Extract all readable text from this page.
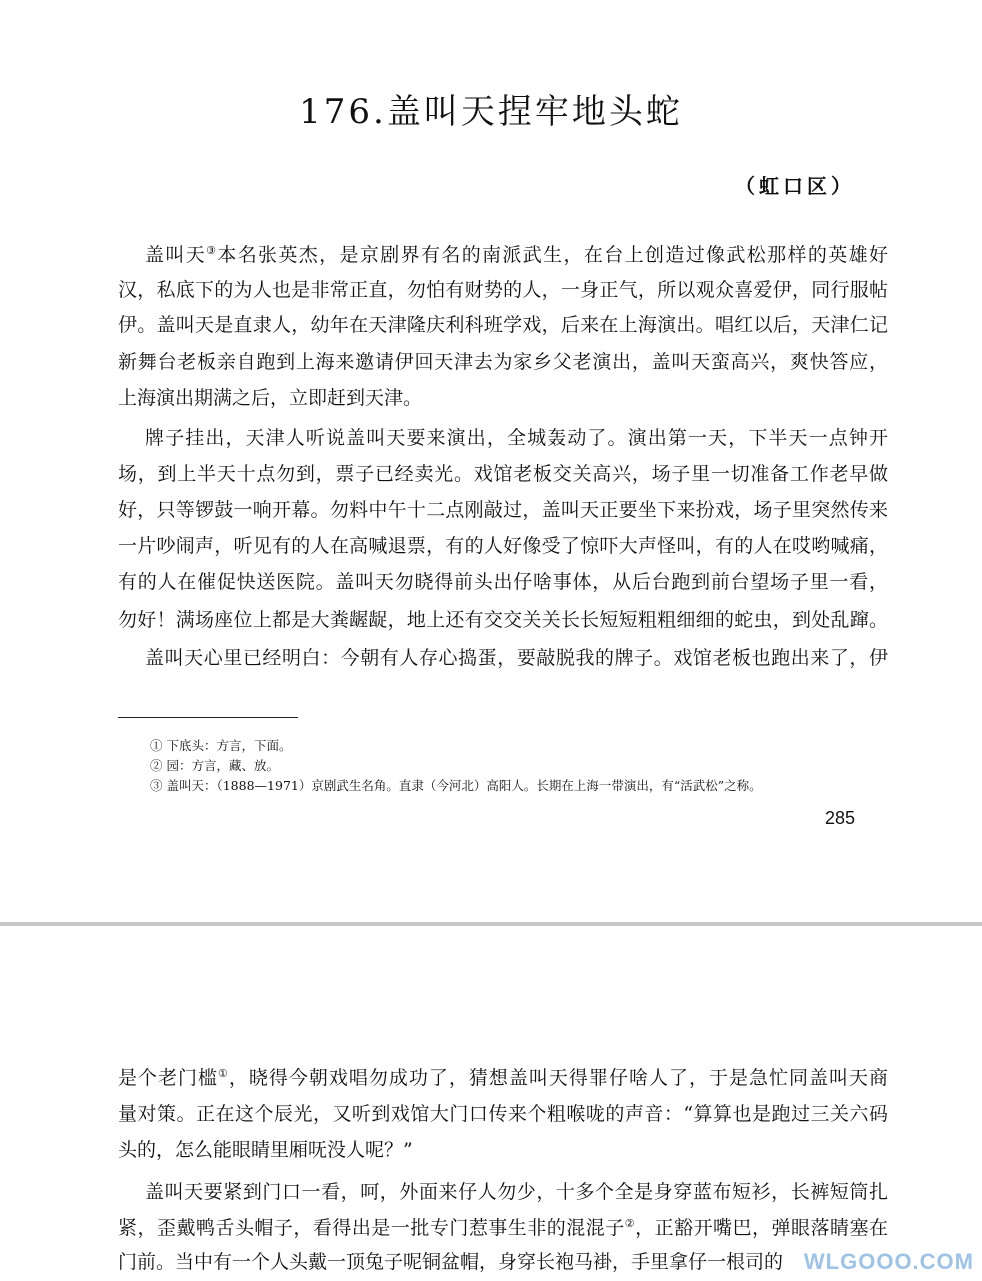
176.盖叫天捏牢地头蛇
（虹口区）
盖叫天③本名张英杰，是京剧界有名的南派武生，在台上创造过像武松那样的英雄好
汉，私底下的为人也是非常正直，勿怕有财势的人，一身正气，所以观众喜爱伊，同行服帖
伊。盖叫天是直隶人，幼年在天津隆庆利科班学戏，后来在上海演出。唱红以后，天津仁记
新舞台老板亲自跑到上海来邀请伊回天津去为家乡父老演出，盖叫天蛮高兴，爽快答应，
上海演出期满之后，立即赶到天津。
牌子挂出，天津人听说盖叫天要来演出，全城轰动了。演出第一天，下半天一点钟开
场，到上半天十点勿到，票子已经卖光。戏馆老板交关高兴，场子里一切准备工作老早做
好，只等锣鼓一响开幕。勿料中午十二点刚敲过，盖叫天正要坐下来扮戏，场子里突然传来
一片吵闹声，听见有的人在高喊退票，有的人好像受了惊吓大声怪叫，有的人在哎哟喊痛，
有的人在催促快送医院。盖叫天勿晓得前头出仔啥事体，从后台跑到前台望场子里一看，
勿好！满场座位上都是大粪龌龊，地上还有交交关关长长短短粗粗细细的蛇虫，到处乱蹿。
盖叫天心里已经明白：今朝有人存心捣蛋，要敲脱我的牌子。戏馆老板也跑出来了，伊
① 下底头：方言，下面。
② 园：方言，藏、放。
③ 盖叫天：（1888—1971）京剧武生名角。直隶（今河北）高阳人。长期在上海一带演出，有“活武松”之称。
285
是个老门槛①，晓得今朝戏唱勿成功了，猜想盖叫天得罪仔啥人了，于是急忙同盖叫天商
量对策。正在这个辰光，又听到戏馆大门口传来个粗喉咙的声音：“算算也是跑过三关六码
头的，怎么能眼睛里厢呒没人呢？”
盖叫天要紧到门口一看，呵，外面来仔人勿少，十多个全是身穿蓝布短衫，长裤短筒扎
紧，歪戴鸭舌头帽子，看得出是一批专门惹事生非的混混子②，正豁开嘴巴，弹眼落睛塞在
门前。当中有一个人头戴一顶兔子呢铜盆帽，身穿长袍马褂，手里拿仔一根司的 WLGOOO.COM
